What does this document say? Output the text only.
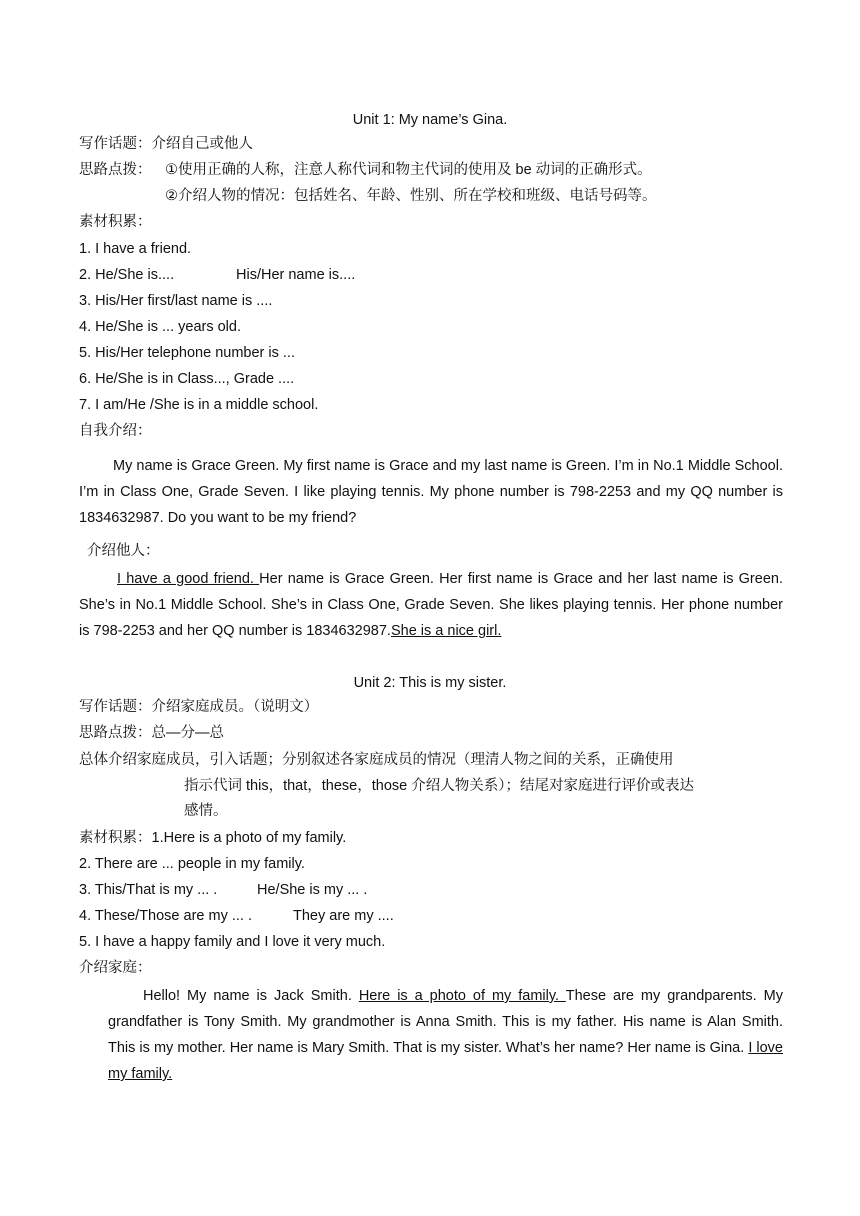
Unit 1: My name’s Gina.
写作话题：介绍自己或他人
思路点拨： ①使用正确的人称，注意人称代词和物主代词的使用及 be 动词的正确形式。
②介绍人物的情况：包括姓名、年龄、性别、所在学校和班级、电话号码等。
素材积累：
1. I have a friend.
2. He/She is....	His/Her name is....
3. His/Her first/last name is ....
4. He/She is ... years old.
5. His/Her telephone number is ...
6. He/She is in Class..., Grade ....
7. I am/He /She is in a middle school.
自我介绍：
My name is Grace Green. My first name is Grace and my last name is Green. I’m in No.1 Middle School. I’m in Class One, Grade Seven. I like playing tennis. My phone number is 798-2253 and my QQ number is 1834632987. Do you want to be my friend?
介绍他人：
I have a good friend. Her name is Grace Green. Her first name is Grace and her last name is Green. She’s in No.1 Middle School. She’s in Class One, Grade Seven. She likes playing tennis. Her phone number is 798-2253 and her QQ number is 1834632987.She is a nice girl.
Unit 2: This is my sister.
写作话题：介绍家庭成员。（说明文）
思路点拨：总—分—总
总体介绍家庭成员，引入话题；分别叙述各家庭成员的情况（理清人物之间的关系，正确使用
指示代词 this，that，these，those 介绍人物关系）；结尾对家庭进行评价或表达
感情。
素材积累：1.Here is a photo of my family.
2. There are ... people in my family.
3. This/That is my ... .	He/She is my ... .
4. These/Those are my ... .	They are my ....
5. I have a happy family and I love it very much.
介绍家庭：
Hello! My name is Jack Smith. Here is a photo of my family. These are my grandparents. My grandfather is Tony Smith. My grandmother is Anna Smith. This is my father. His name is Alan Smith. This is my mother. Her name is Mary Smith. That is my sister. What’s her name? Her name is Gina. I love my family.
